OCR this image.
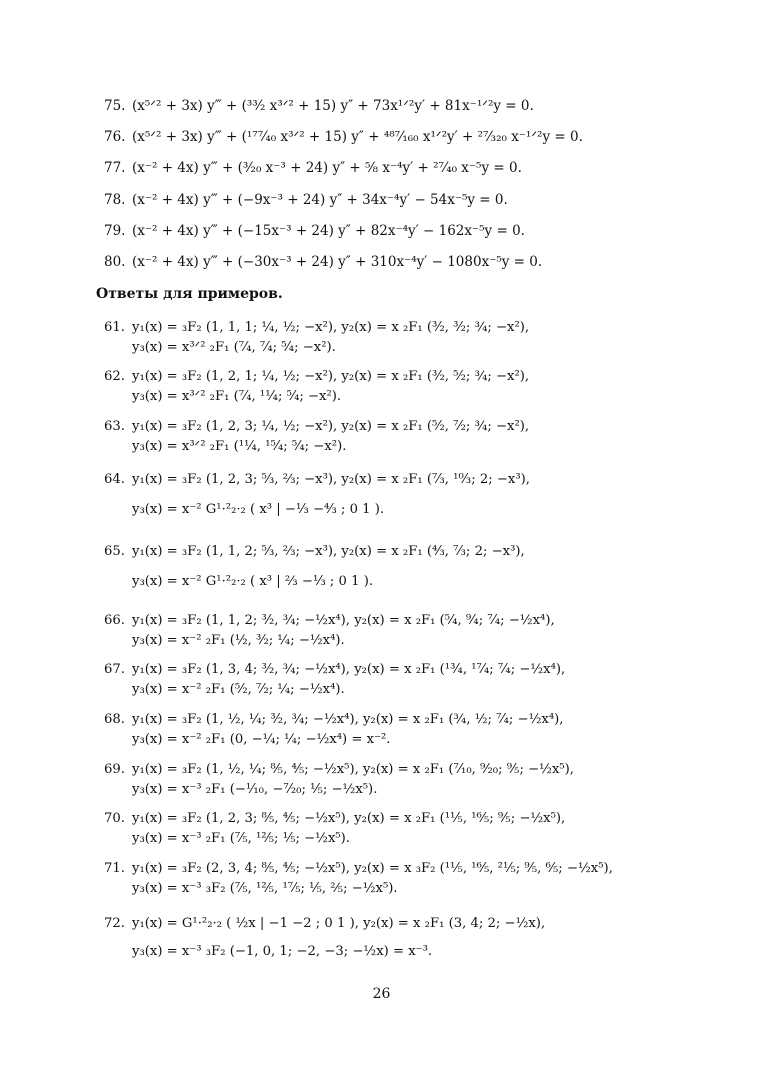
75. (x⁵ᐟ² + 3x) y‴ + (³³⁄₂ x³ᐟ² + 15) y″ + 73x¹ᐟ²y′ + 81x⁻¹ᐟ²y = 0.
76. (x⁵ᐟ² + 3x) y‴ + (¹⁷⁷⁄₄₀ x³ᐟ² + 15) y″ + ⁴⁸⁷⁄₁₆₀ x¹ᐟ²y′ + ²⁷⁄₃₂₀ x⁻¹ᐟ²y = 0.
77. (x⁻² + 4x) y‴ + (³⁄₂₀ x⁻³ + 24) y″ + ⁵⁄₈ x⁻⁴y′ + ²⁷⁄₄₀ x⁻⁵y = 0.
78. (x⁻² + 4x) y‴ + (−9x⁻³ + 24) y″ + 34x⁻⁴y′ − 54x⁻⁵y = 0.
79. (x⁻² + 4x) y‴ + (−15x⁻³ + 24) y″ + 82x⁻⁴y′ − 162x⁻⁵y = 0.
80. (x⁻² + 4x) y‴ + (−30x⁻³ + 24) y″ + 310x⁻⁴y′ − 1080x⁻⁵y = 0.
Ответы для примеров.
61. y₁(x) = ₃F₂ (1, 1, 1; ¼, ½; −x²), y₂(x) = x ₂F₁ (³⁄₂, ³⁄₂; ¾; −x²),
y₃(x) = x³ᐟ² ₂F₁ (⁷⁄₄, ⁷⁄₄; ⁵⁄₄; −x²).
62. y₁(x) = ₃F₂ (1, 2, 1; ¼, ½; −x²), y₂(x) = x ₂F₁ (³⁄₂, ⁵⁄₂; ¾; −x²),
y₃(x) = x³ᐟ² ₂F₁ (⁷⁄₄, ¹¹⁄₄; ⁵⁄₄; −x²).
63. y₁(x) = ₃F₂ (1, 2, 3; ¼, ½; −x²), y₂(x) = x ₂F₁ (⁵⁄₂, ⁷⁄₂; ¾; −x²),
y₃(x) = x³ᐟ² ₂F₁ (¹¹⁄₄, ¹⁵⁄₄; ⁵⁄₄; −x²).
64. y₁(x) = ₃F₂ (1, 2, 3; ⁵⁄₃, ⅔; −x³), y₂(x) = x ₂F₁ (⁷⁄₃, ¹⁰⁄₃; 2; −x³),
y₃(x) = x⁻² G¹·²₂·₂ ( x³ | −⅓ −⁴⁄₃ ; 0 1 ).
65. y₁(x) = ₃F₂ (1, 1, 2; ⁵⁄₃, ⅔; −x³), y₂(x) = x ₂F₁ (⁴⁄₃, ⁷⁄₃; 2; −x³),
y₃(x) = x⁻² G¹·²₂·₂ ( x³ | ⅔ −⅓ ; 0 1 ).
66. y₁(x) = ₃F₂ (1, 1, 2; ³⁄₂, ¾; −½x⁴), y₂(x) = x ₂F₁ (⁵⁄₄, ⁹⁄₄; ⁷⁄₄; −½x⁴),
y₃(x) = x⁻² ₂F₁ (½, ³⁄₂; ¼; −½x⁴).
67. y₁(x) = ₃F₂ (1, 3, 4; ³⁄₂, ¾; −½x⁴), y₂(x) = x ₂F₁ (¹³⁄₄, ¹⁷⁄₄; ⁷⁄₄; −½x⁴),
y₃(x) = x⁻² ₂F₁ (⁵⁄₂, ⁷⁄₂; ¼; −½x⁴).
68. y₁(x) = ₃F₂ (1, ½, ¼; ³⁄₂, ¾; −½x⁴), y₂(x) = x ₂F₁ (¾, ½; ⁷⁄₄; −½x⁴),
y₃(x) = x⁻² ₂F₁ (0, −¼; ¼; −½x⁴) = x⁻².
69. y₁(x) = ₃F₂ (1, ½, ¼; ⁸⁄₅, ⁴⁄₅; −½x⁵), y₂(x) = x ₂F₁ (⁷⁄₁₀, ⁹⁄₂₀; ⁹⁄₅; −½x⁵),
y₃(x) = x⁻³ ₂F₁ (−¹⁄₁₀, −⁷⁄₂₀; ⅕; −½x⁵).
70. y₁(x) = ₃F₂ (1, 2, 3; ⁸⁄₅, ⁴⁄₅; −½x⁵), y₂(x) = x ₂F₁ (¹¹⁄₅, ¹⁶⁄₅; ⁹⁄₅; −½x⁵),
y₃(x) = x⁻³ ₂F₁ (⁷⁄₅, ¹²⁄₅; ⅕; −½x⁵).
71. y₁(x) = ₃F₂ (2, 3, 4; ⁸⁄₅, ⁴⁄₅; −½x⁵), y₂(x) = x ₃F₂ (¹¹⁄₅, ¹⁶⁄₅, ²¹⁄₅; ⁹⁄₅, ⁶⁄₅; −½x⁵),
y₃(x) = x⁻³ ₃F₂ (⁷⁄₅, ¹²⁄₅, ¹⁷⁄₅; ⅕, ⅖; −½x⁵).
72. y₁(x) = G¹·²₂·₂ ( ½x | −1 −2 ; 0 1 ), y₂(x) = x ₂F₁ (3, 4; 2; −½x),
y₃(x) = x⁻³ ₃F₂ (−1, 0, 1; −2, −3; −½x) = x⁻³.
26
